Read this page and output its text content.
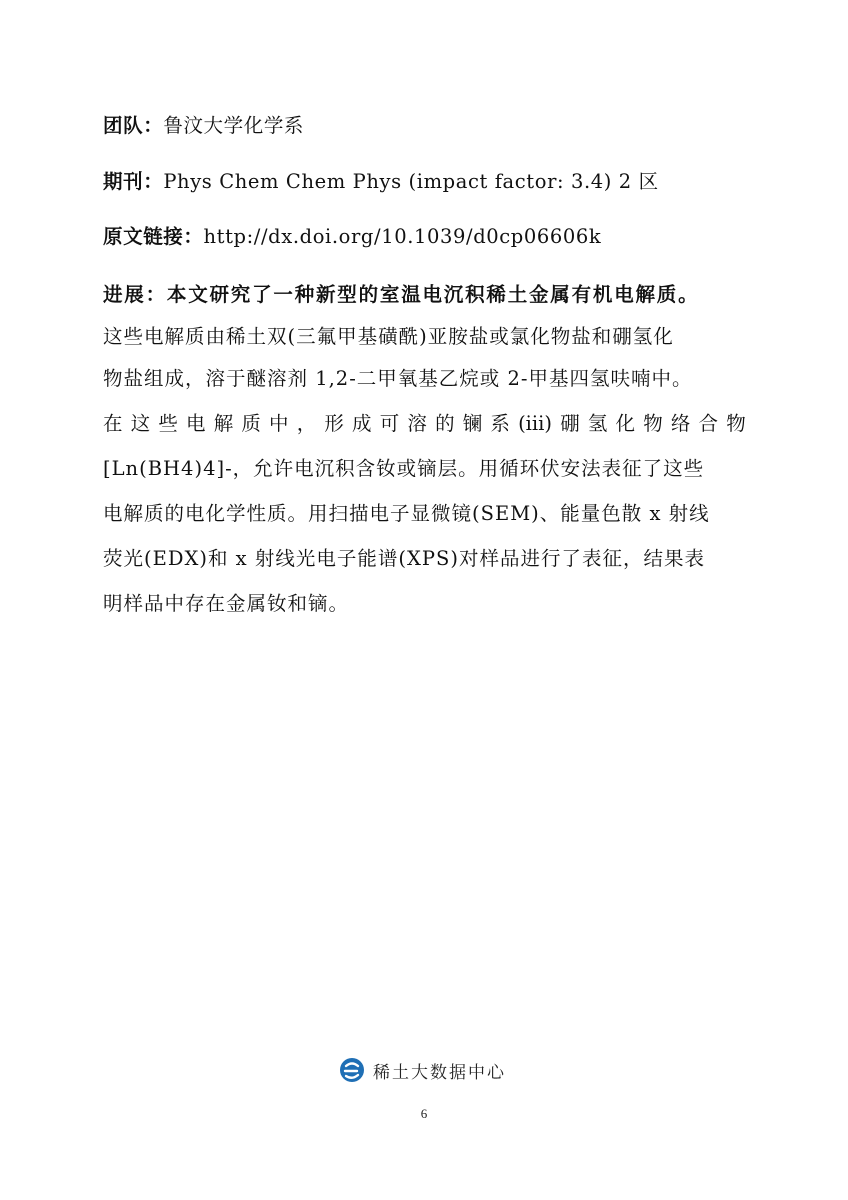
团队：鲁汶大学化学系

期刊：Phys Chem Chem Phys (impact factor: 3.4) 2 区

原文链接：http://dx.doi.org/10.1039/d0cp06606k

进展：本文研究了一种新型的室温电沉积稀土金属有机电解质。

这些电解质由稀土双(三氟甲基磺酰)亚胺盐或氯化物盐和硼氢化

物盐组成，溶于醚溶剂 1,2-二甲氧基乙烷或 2-甲基四氢呋喃中。

在 这 些 电 解 质 中 ， 形 成 可 溶 的 镧 系 (iii) 硼 氢 化 物 络 合 物

[Ln(BH4)4]-，允许电沉积含钕或镝层。用循环伏安法表征了这些

电解质的电化学性质。用扫描电子显微镜(SEM)、能量色散 x 射线

荧光(EDX)和 x 射线光电子能谱(XPS)对样品进行了表征，结果表

明样品中存在金属钕和镝。

稀土大数据中心
6
